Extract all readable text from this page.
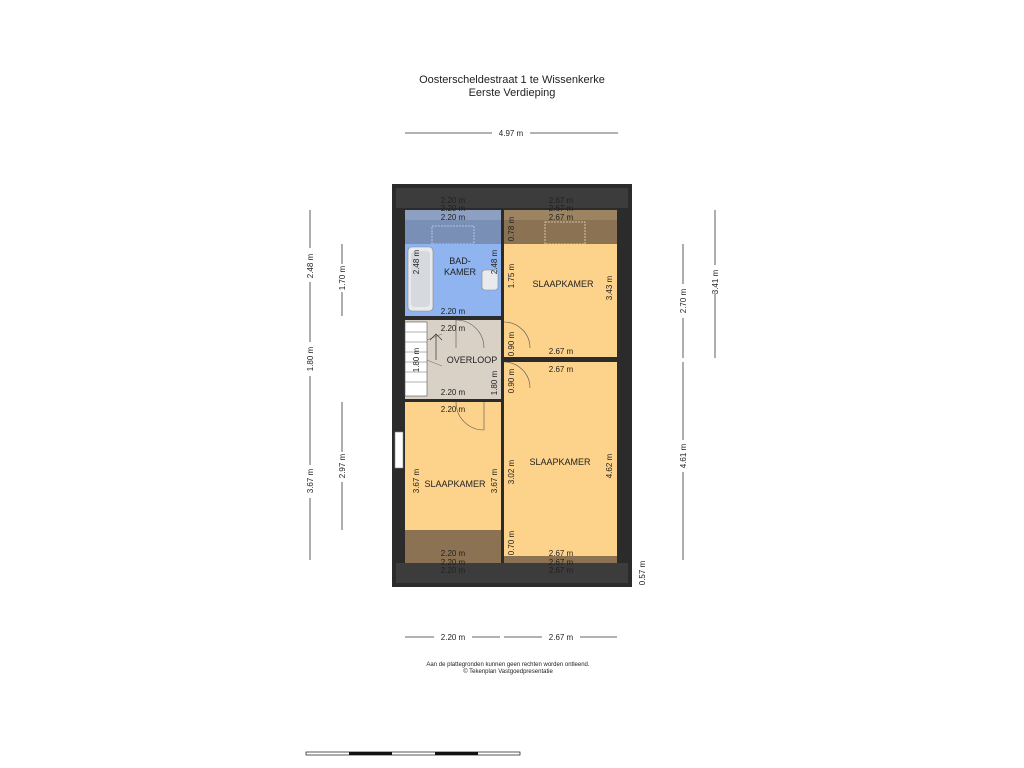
Oosterscheldestraat 1 te Wissenkerke
Eerste Verdieping
4.97 m
BAD-
KAMER
OVERLOOP
SLAAPKAMER
SLAAPKAMER
SLAAPKAMER
2.20 m
2.20 m
2.20 m
2.67 m
2.67 m
2.67 m
2.20 m
2.20 m
2.20 m
2.20 m
2.67 m
2.67 m
2.67 m
2.20 m
2.20 m
2.20 m
2.67 m
2.67 m
2.48 m	2.48 m
1.80 m
1.80 m
0.78 m
1.75 m	3.43 m
0.90 m
0.90 m
3.02 m	4.62 m
0.70 m
3.67 m	3.67 m
2.48 m
1.80 m
3.67 m
1.70 m
2.97 m
3.41 m
2.70 m
4.61 m
0.57 m
2.20 m	2.67 m
Aan de plattegronden kunnen geen rechten worden ontleend.
© Tekenplan Vastgoedpresentatie
